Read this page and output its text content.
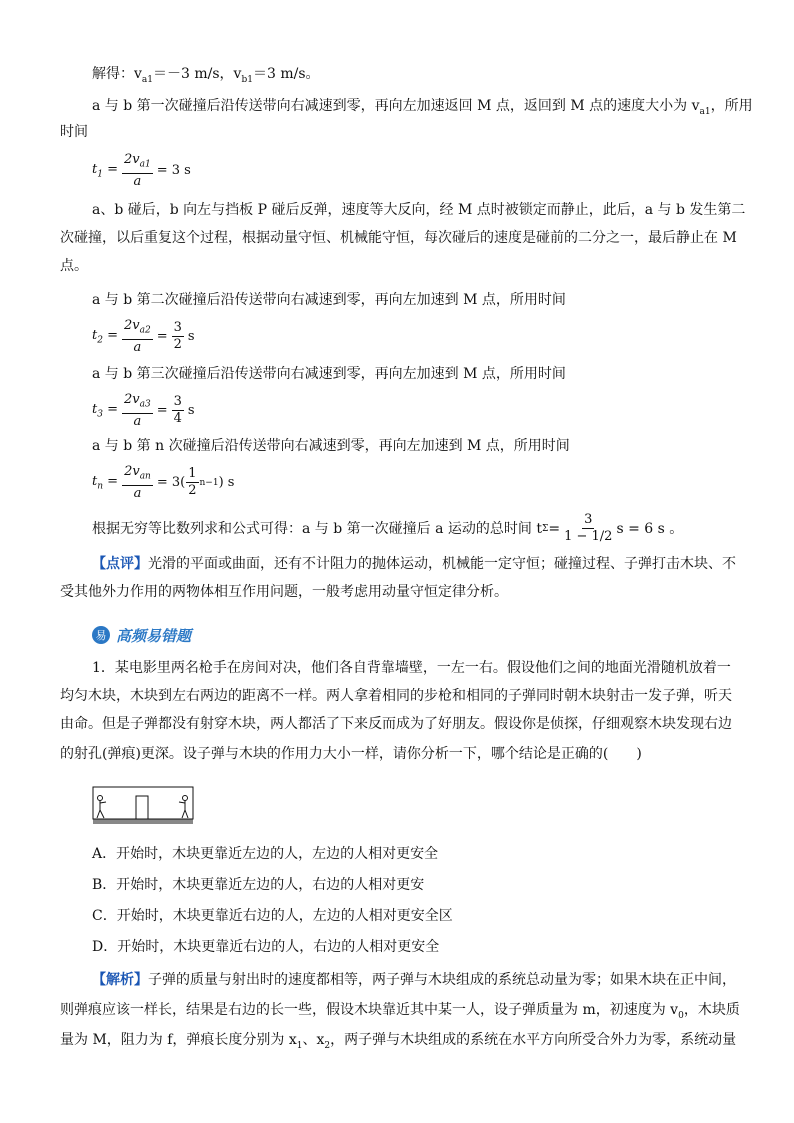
解得：$v_{a1}=-3$ m/s，$v_{b1}=3$ m/s。
a 与 b 第一次碰撞后沿传送带向右减速到零，再向左加速返回 M 点，返回到 M 点的速度大小为 $v_{a1}$，所用
时间
$t_1 = \frac{2v_{a1}}{a} = 3$ s
a、b 碰后，b 向左与挡板 P 碰后反弹，速度等大反向，经 M 点时被锁定而静止，此后，a 与 b 发生第二
次碰撞，以后重复这个过程，根据动量守恒、机械能守恒，每次碰后的速度是碰前的二分之一，最后静止在 M
点。
a 与 b 第二次碰撞后沿传送带向右减速到零，再向左加速到 M 点，所用时间
$t_2 = \frac{2v_{a2}}{a} = \frac{3}{2}$ s
a 与 b 第三次碰撞后沿传送带向右减速到零，再向左加速到 M 点，所用时间
$t_3 = \frac{2v_{a3}}{a} = \frac{3}{4}$ s
a 与 b 第 n 次碰撞后沿传送带向右减速到零，再向左加速到 M 点，所用时间
$t_n = \frac{2v_{an}}{a} = 3( \frac{1}{2} n-1$ ) s
根据无穷等比数列求和公式可得：a 与 b 第一次碰撞后 a 运动的总时间 t $\Sigma = \frac{3}{1 - 1/2}$ s = 6 s 。
【点评】光滑的平面或曲面，还有不计阻力的抛体运动，机械能一定守恒；碰撞过程、子弹打击木块、不
受其他外力作用的两物体相互作用问题，一般考虑用动量守恒定律分析。
易 高频易错题
1．某电影里两名枪手在房间对决，他们各自背靠墙壁，一左一右。假设他们之间的地面光滑随机放着一
均匀木块，木块到左右两边的距离不一样。两人拿着相同的步枪和相同的子弹同时朝木块射击一发子弹，听天
由命。但是子弹都没有射穿木块，两人都活了下来反而成为了好朋友。假设你是侦探，仔细观察木块发现右边
的射孔(弹痕)更深。设子弹与木块的作用力大小一样，请你分析一下，哪个结论是正确的(　　)
A．开始时，木块更靠近左边的人，左边的人相对更安全
B．开始时，木块更靠近左边的人，右边的人相对更安
C．开始时，木块更靠近右边的人，左边的人相对更安全区
D．开始时，木块更靠近右边的人，右边的人相对更安全
【解析】子弹的质量与射出时的速度都相等，两子弹与木块组成的系统总动量为零；如果木块在正中间，
则弹痕应该一样长，结果是右边的长一些，假设木块靠近其中某一人，设子弹质量为 m，初速度为 $v_0$，木块质
量为 M，阻力为 f，弹痕长度分别为 $x_1$、$x_2$，两子弹与木块组成的系统在水平方向所受合外力为零，系统动量
